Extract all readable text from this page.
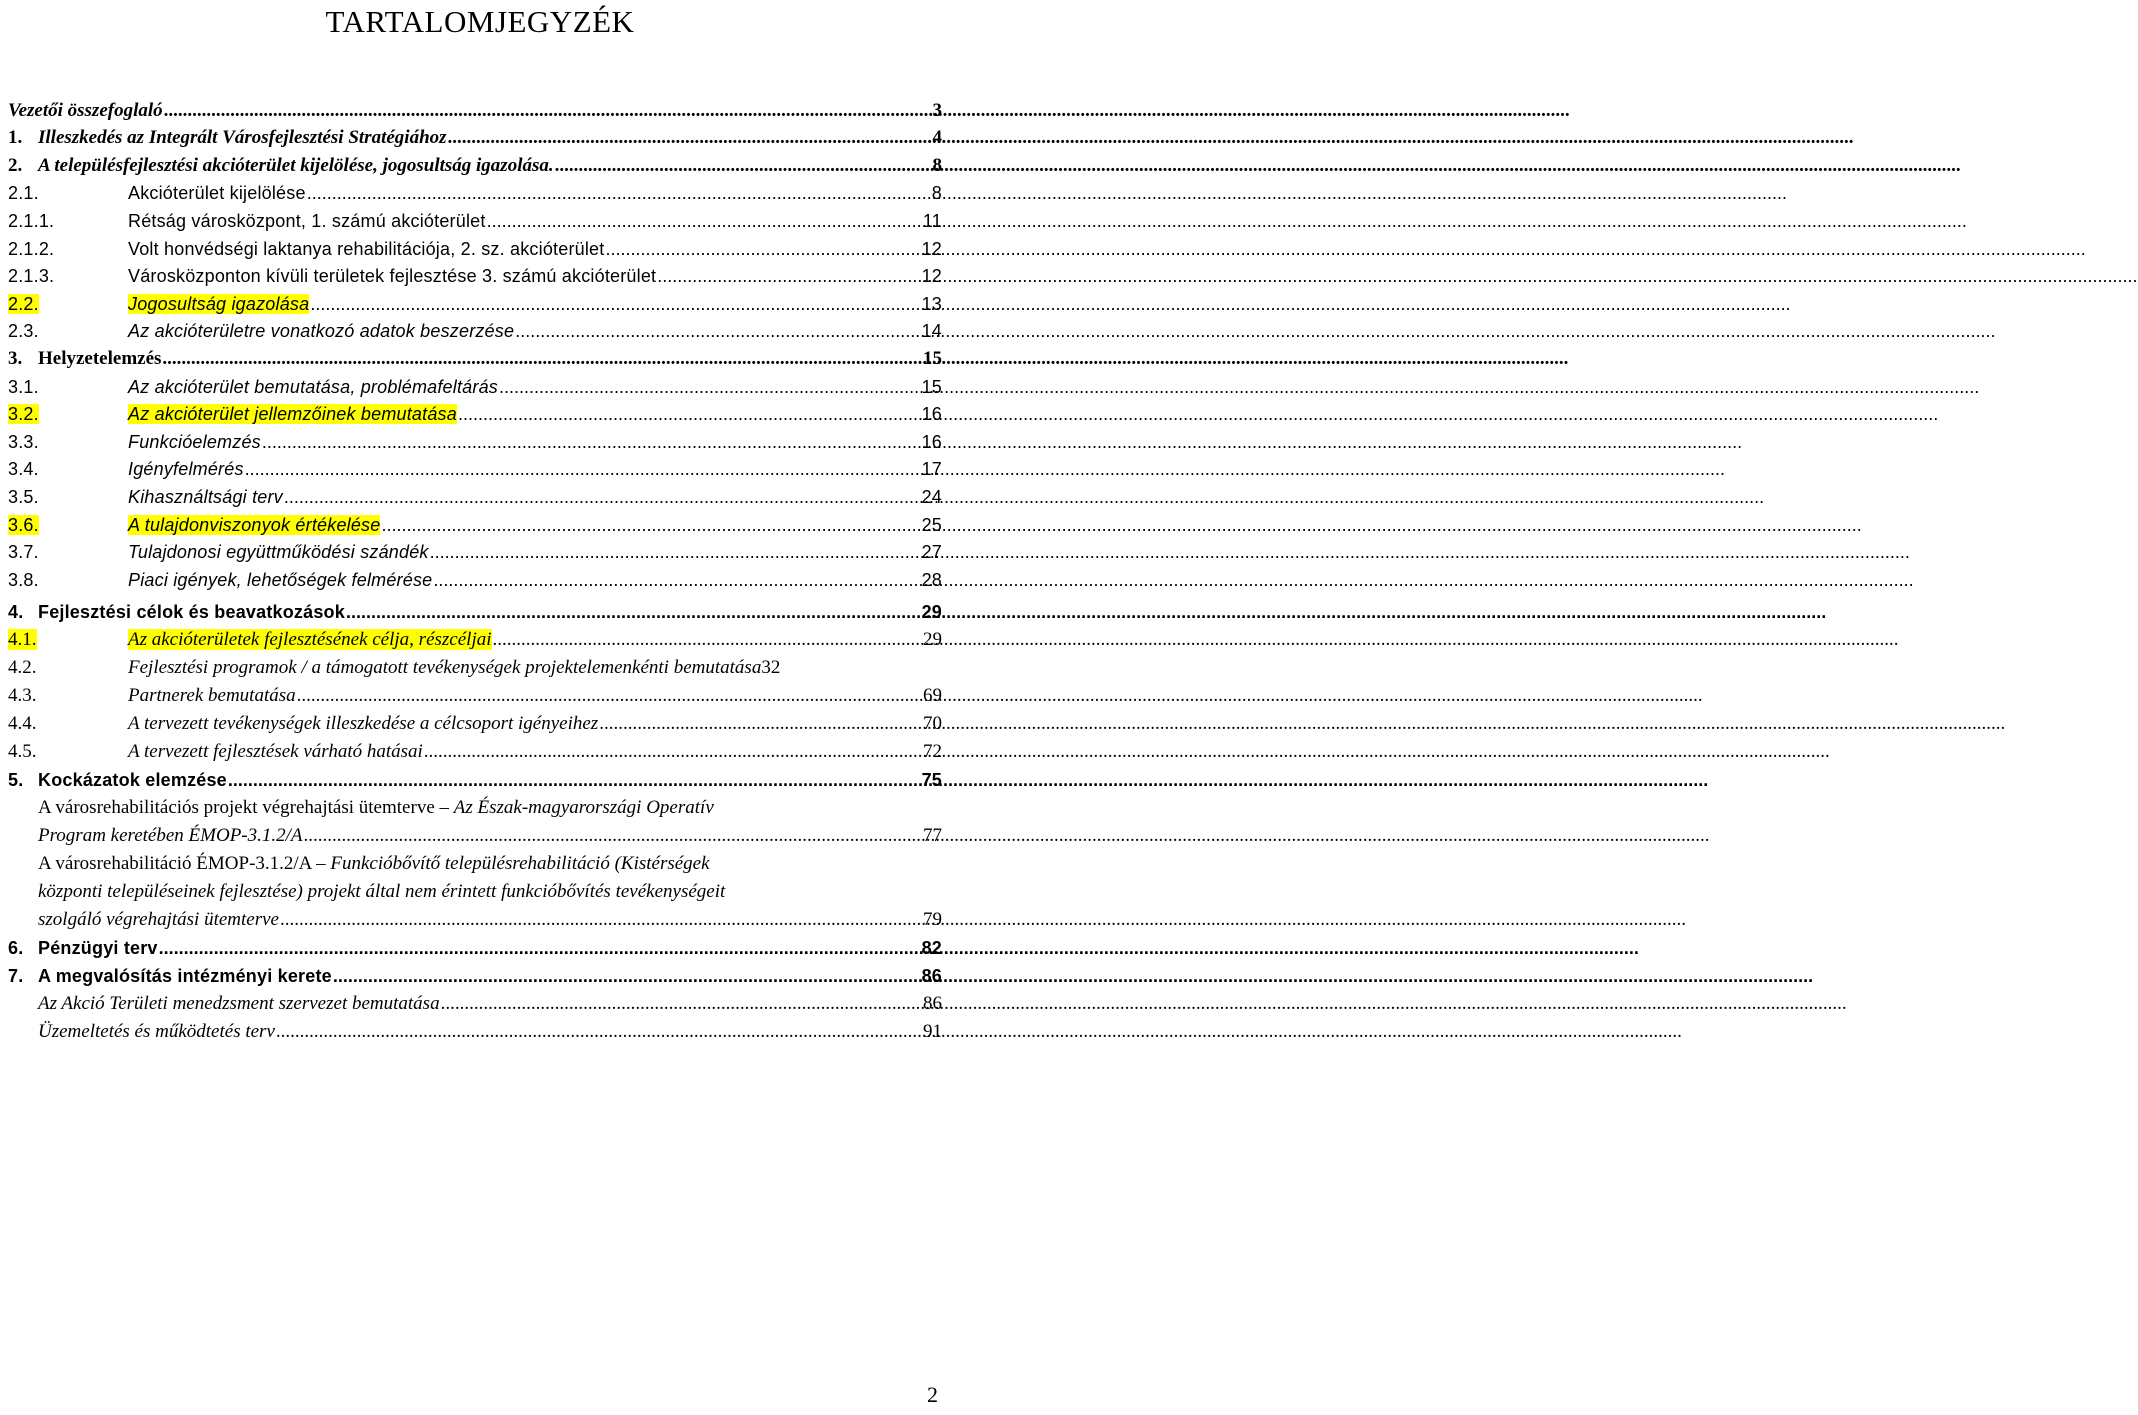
TARTALOMJEGYZÉK
Vezetői összefoglaló .....	3
1. Illeszkedés az Integrált Városfejlesztési Stratégiához .....	4
2. A településfejlesztési akcióterület kijelölése, jogosultság igazolása. .....	8
2.1.	Akcióterület kijelölése .....	8
2.1.1.	Rétság városközpont, 1. számú akcióterület .....	11
2.1.2.	Volt honvédségi laktanya rehabilitációja, 2. sz. akcióterület .....	12
2.1.3.	Városközponton kívüli területek fejlesztése 3. számú akcióterület .....	12
2.2.	Jogosultság igazolása .....	13
2.3.	Az akcióterületre vonatkozó adatok beszerzése .....	14
3. Helyzetelemzés .....	15
3.1.	Az akcióterület bemutatása, problémafeltárás .....	15
3.2.	Az akcióterület jellemzőinek bemutatása .....	16
3.3.	Funkcióelemzés .....	16
3.4.	Igényfelmérés .....	17
3.5.	Kihasználtsági terv .....	24
3.6.	A tulajdonviszonyok értékelése .....	25
3.7.	Tulajdonosi együttműködési szándék .....	27
3.8.	Piaci igények, lehetőségek felmérése .....	28
4. Fejlesztési célok és beavatkozások .....	29
4.1.	Az akcióterületek fejlesztésének célja, részcéljai .....	29
4.2.	Fejlesztési programok / a támogatott tevékenységek projektelemenkénti bemutatása 32
4.3.	Partnerek bemutatása .....	69
4.4.	A tervezett tevékenységek illeszkedése a célcsoport igényeihez .....	70
4.5.	A tervezett fejlesztések várható hatásai .....	72
5. Kockázatok elemzése .....	75
A városrehabilitációs projekt végrehajtási ütemterve – Az Észak-magyarországi Operatív
Program keretében ÉMOP-3.1.2/A .....	77
A városrehabilitáció ÉMOP-3.1.2/A – Funkcióbővítő településrehabilitáció (Kistérségek
központi településeinek fejlesztése) projekt által nem érintett funkcióbővítés tevékenységeit
szolgáló végrehajtási ütemterve .....	79
6. Pénzügyi terv .....	82
7. A megvalósítás intézményi kerete .....	86
Az Akció Területi menedzsment szervezet bemutatása .....	86
Üzemeltetés és működtetés terv .....	91
2
